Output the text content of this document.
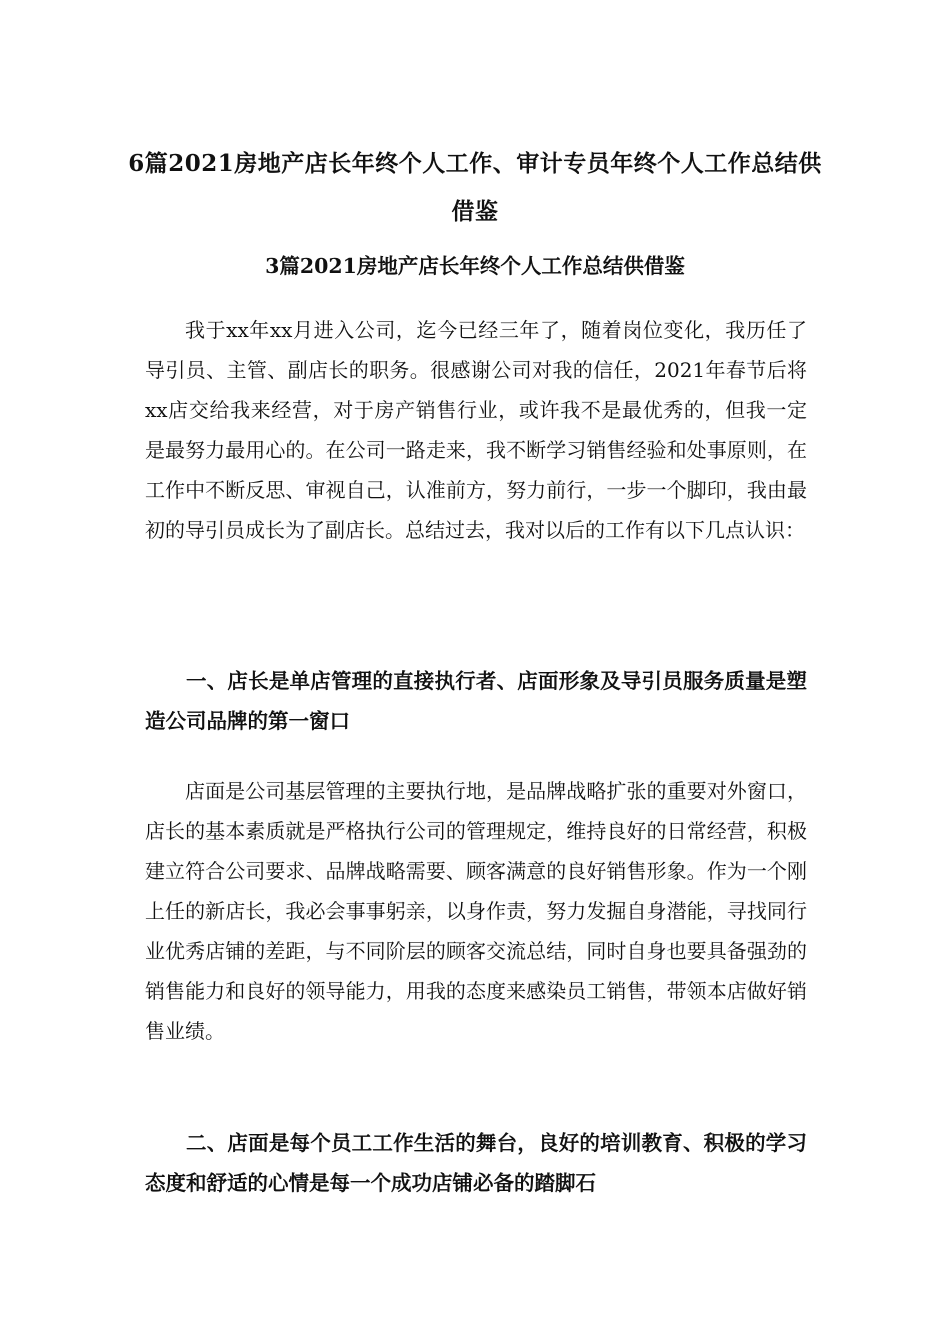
6篇2021房地产店长年终个人工作、审计专员年终个人工作总结供借鉴
3篇2021房地产店长年终个人工作总结供借鉴

我于xx年xx月进入公司，迄今已经三年了，随着岗位变化，我历任了导引员、主管、副店长的职务。很感谢公司对我的信任，2021年春节后将xx店交给我来经营，对于房产销售行业，或许我不是最优秀的，但我一定是最努力最用心的。在公司一路走来，我不断学习销售经验和处事原则，在工作中不断反思、审视自己，认准前方，努力前行，一步一个脚印，我由最初的导引员成长为了副店长。总结过去，我对以后的工作有以下几点认识：

一、店长是单店管理的直接执行者、店面形象及导引员服务质量是塑造公司品牌的第一窗口

店面是公司基层管理的主要执行地，是品牌战略扩张的重要对外窗口，店长的基本素质就是严格执行公司的管理规定，维持良好的日常经营，积极建立符合公司要求、品牌战略需要、顾客满意的良好销售形象。作为一个刚上任的新店长，我必会事事躬亲，以身作责，努力发掘自身潜能，寻找同行业优秀店铺的差距，与不同阶层的顾客交流总结，同时自身也要具备强劲的销售能力和良好的领导能力，用我的态度来感染员工销售，带领本店做好销售业绩。

二、店面是每个员工工作生活的舞台，良好的培训教育、积极的学习态度和舒适的心情是每一个成功店铺必备的踏脚石
